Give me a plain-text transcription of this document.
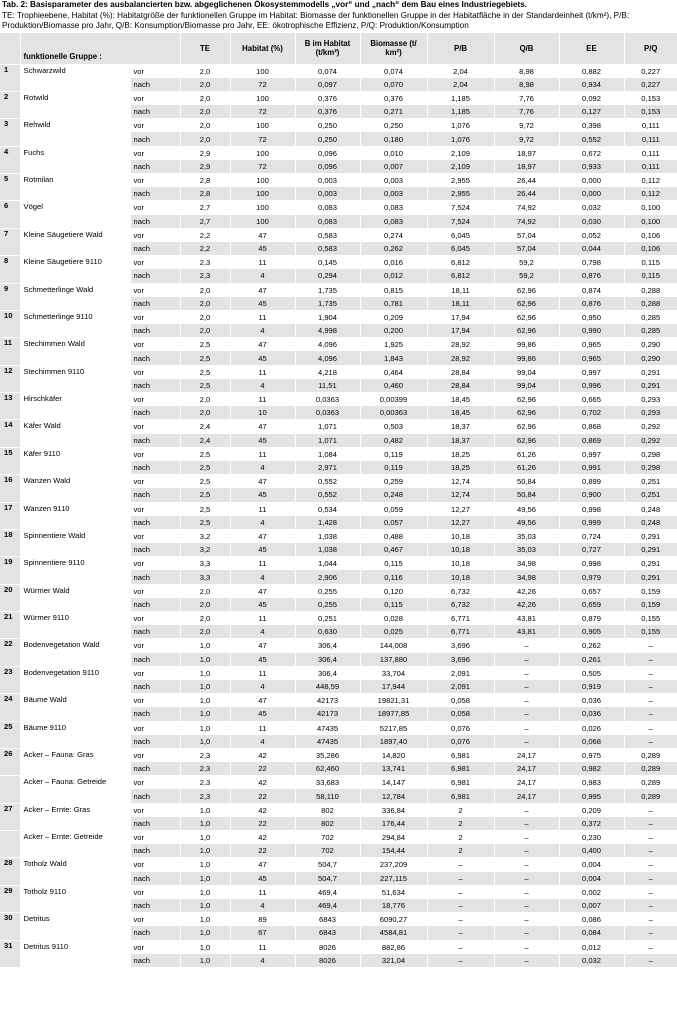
Tab. 2: Basisparameter des ausbalancierten bzw. abgeglichenen Ökosystemmodells „vor“ und „nach“ dem Bau eines Industriegebiets.
TE: Trophieebene, Habitat (%): Habitatgröße der funktionellen Gruppe im Habitat: Biomasse der funktionellen Gruppe in der Habitatfläche in der Standardeinheit (t/km²), P/B: Produktion/Biomasse pro Jahr, Q/B: Konsumption/Biomasse pro Jahr, EE: ökotrophische Effizienz, P/Q: Produktion/Konsumption
	funktionelle Gruppe :		TE	Habitat (%)	B im Habitat (t/km²)	Biomasse (t/ km²)	P/B	Q/B	EE	P/Q
1	Schwarzwild	vor	2,0	100	0,074	0,074	2,04	8,98	0,882	0,227
		nach	2,0	72	0,097	0,070	2,04	8,98	0,934	0,227
2	Rotwild	vor	2,0	100	0,376	0,376	1,185	7,76	0,092	0,153
		nach	2,0	72	0,376	0,271	1,185	7,76	0,127	0,153
3	Rehwild	vor	2,0	100	0,250	0,250	1,076	9,72	0,398	0,111
		nach	2,0	72	0,250	0,180	1,076	9,72	0,552	0,111
4	Fuchs	vor	2,9	100	0,096	0,010	2,109	18,97	0,672	0,111
		nach	2,9	72	0,096	0,007	2,109	18,97	0,933	0,111
5	Rotmilan	vor	2,8	100	0,003	0,003	2,955	26,44	0,000	0,112
		nach	2,8	100	0,003	0,003	2,955	26,44	0,000	0,112
6	Vögel	vor	2,7	100	0,083	0,083	7,524	74,92	0,032	0,100
		nach	2,7	100	0,083	0,083	7,524	74,92	0,030	0,100
7	Kleine Säugetiere Wald	vor	2,2	47	0,583	0,274	6,045	57,04	0,052	0,106
		nach	2,2	45	0,583	0,262	6,045	57,04	0,044	0,106
8	Kleine Säugetiere 9110	vor	2,3	11	0,145	0,016	6,812	59,2	0,798	0,115
		nach	2,3	4	0,294	0,012	6,812	59,2	0,876	0,115
9	Schmetterlinge Wald	vor	2,0	47	1,735	0,815	18,11	62,96	0,874	0,288
		nach	2,0	45	1,735	0,781	18,11	62,96	0,876	0,288
10	Schmetterlinge 9110	vor	2,0	11	1,904	0,209	17,94	62,96	0,950	0,285
		nach	2,0	4	4,998	0,200	17,94	62,96	0,990	0,285
11	Stechimmen Wald	vor	2,5	47	4,096	1,925	28,92	99,86	0,965	0,290
		nach	2,5	45	4,096	1,843	28,92	99,86	0,965	0,290
12	Stechimmen 9110	vor	2,5	11	4,218	0,464	28,84	99,04	0,997	0,291
		nach	2,5	4	11,51	0,460	28,84	99,04	0,996	0,291
13	Hirschkäfer	vor	2,0	11	0,0363	0,00399	18,45	62,96	0,665	0,293
		nach	2,0	10	0,0363	0,00363	18,45	62,96	0,702	0,293
14	Käfer Wald	vor	2,4	47	1,071	0,503	18,37	62,96	0,868	0,292
		nach	2,4	45	1,071	0,482	18,37	62,96	0,869	0,292
15	Käfer 9110	vor	2,5	11	1,084	0,119	18,25	61,26	0,997	0,298
		nach	2,5	4	2,971	0,119	18,25	61,26	0,991	0,298
16	Wanzen Wald	vor	2,5	47	0,552	0,259	12,74	50,84	0,899	0,251
		nach	2,5	45	0,552	0,248	12,74	50,84	0,900	0,251
17	Wanzen 9110	vor	2,5	11	0,534	0,059	12,27	49,56	0,998	0,248
		nach	2,5	4	1,428	0,057	12,27	49,56	0,999	0,248
18	Spinnentiere Wald	vor	3,2	47	1,038	0,488	10,18	35,03	0,724	0,291
		nach	3,2	45	1,038	0,467	10,18	35,03	0,727	0,291
19	Spinnentiere 9110	vor	3,3	11	1,044	0,115	10,18	34,98	0,998	0,291
		nach	3,3	4	2,906	0,116	10,18	34,98	0,979	0,291
20	Würmer Wald	vor	2,0	47	0,255	0,120	6,732	42,26	0,657	0,159
		nach	2,0	45	0,255	0,115	6,732	42,26	0,659	0,159
21	Würmer 9110	vor	2,0	11	0,251	0,028	6,771	43,81	0,879	0,155
		nach	2,0	4	0,630	0,025	6,771	43,81	0,905	0,155
22	Bodenvegetation Wald	vor	1,0	47	306,4	144,008	3,696	–	0,262	–
		nach	1,0	45	306,4	137,880	3,696	–	0,261	–
23	Bodenvegetation 9110	vor	1,0	11	306,4	33,704	2,091	–	0,505	–
		nach	1,0	4	448,59	17,944	2,091	–	0,919	–
24	Bäume Wald	vor	1,0	47	42173	19821,31	0,058	–	0,036	–
		nach	1,0	45	42173	18977,85	0,058	–	0,036	–
25	Bäume 9110	vor	1,0	11	47435	5217,85	0,076	–	0,026	–
		nach	1,0	4	47435	1897,40	0,076	–	0,068	–
26	Acker – Fauna: Gras	vor	2,3	42	35,286	14,820	6,981	24,17	0,975	0,289
		nach	2,3	22	62,460	13,741	6,981	24,17	0,982	0,289
	Acker – Fauna: Getreide	vor	2,3	42	33,683	14,147	6,981	24,17	0,983	0,289
		nach	2,3	22	58,110	12,784	6,981	24,17	0,995	0,289
27	Acker – Ernte: Gras	vor	1,0	42	802	336,84	2	–	0,209	–
		nach	1,0	22	802	176,44	2	–	0,372	–
	Acker – Ernte: Getreide	vor	1,0	42	702	294,84	2	–	0,230	–
		nach	1,0	22	702	154,44	2	–	0,400	–
28	Totholz Wald	vor	1,0	47	504,7	237,209	–	–	0,004	–
		nach	1,0	45	504,7	227,115	–	–	0,004	–
29	Totholz 9110	vor	1,0	11	469,4	51,634	–	–	0,002	–
		nach	1,0	4	469,4	18,776	–	–	0,007	–
30	Detritus	vor	1,0	89	6843	6090,27	–	–	0,086	–
		nach	1,0	67	6843	4584,81	–	–	0,084	–
31	Detritus 9110	vor	1,0	11	8026	882,86	–	–	0,012	–
		nach	1,0	4	8026	321,04	–	–	0,032	–
